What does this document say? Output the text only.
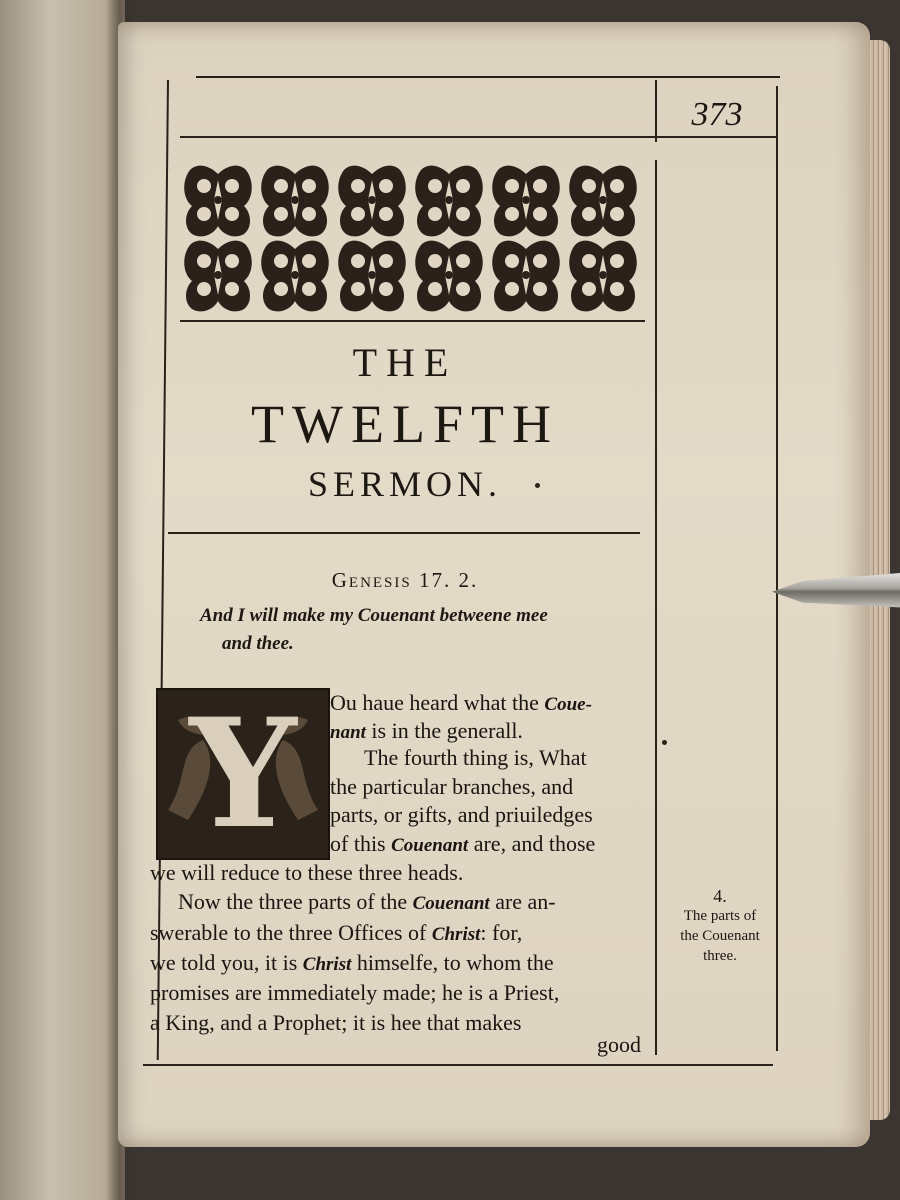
373
THE
TWELFTH
SERMON.
Genesis 17. 2.
And I will make my Couenant betweene mee
and thee.
Y	Ou haue heard what the Coue-
nant is in the generall.
The fourth thing is, What
the particular branches, and
parts, or gifts, and priuiledges
of this Couenant are, and those
we will reduce to these three heads.
Now the three parts of the Couenant are an-
swerable to the three Offices of Christ: for,
we told you, it is Christ himselfe, to whom the
promises are immediately made; he is a Priest,
a King, and a Prophet; it is hee that makes
good
4.
The parts of
the Couenant
three.
